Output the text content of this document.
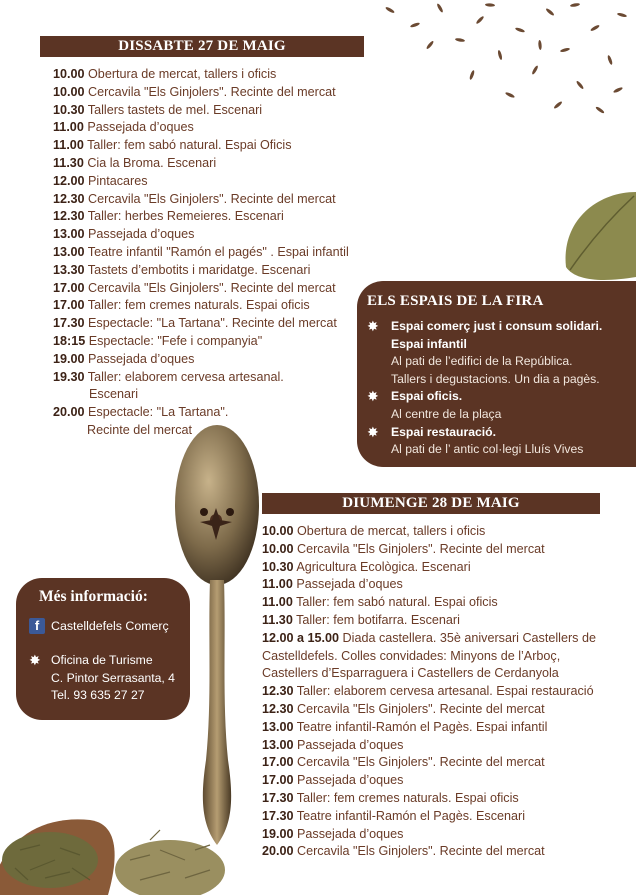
DISSABTE 27 DE MAIG
10.00 Obertura de mercat, tallers i oficis
10.00 Cercavila "Els Ginjolers". Recinte del mercat
10.30 Tallers tastets de mel. Escenari
11.00 Passejada d’oques
11.00 Taller: fem sabó natural. Espai Oficis
11.30 Cia la Broma. Escenari
12.00 Pintacares
12.30 Cercavila "Els Ginjolers". Recinte del mercat
12.30 Taller: herbes Remeieres. Escenari
13.00 Passejada d’oques
13.00 Teatre infantil "Ramón el pagés" . Espai infantil
13.30 Tastets d’embotits i maridatge. Escenari
17.00 Cercavila "Els Ginjolers". Recinte del mercat
17.00 Taller: fem cremes naturals. Espai oficis
17.30 Espectacle: "La Tartana". Recinte del mercat
18:15 Espectacle: "Fefe i companyia"
19.00 Passejada d’oques
19.30 Taller: elaborem cervesa artesanal.
Escenari
20.00 Espectacle: "La Tartana".
Recinte del mercat
ELS ESPAIS DE LA FIRA
✸ Espai comerç just i consum solidari.
Espai infantil
Al pati de l’edifici de la República.
Tallers i degustacions. Un dia a pagès.
✸ Espai oficis.
Al centre de la plaça
✸ Espai restauració.
Al pati de l’ antic col·legi Lluís Vives
DIUMENGE 28 DE MAIG
10.00 Obertura de mercat, tallers i oficis
10.00 Cercavila "Els Ginjolers". Recinte del mercat
10.30 Agricultura Ecològica. Escenari
11.00 Passejada d’oques
11.00 Taller: fem sabó natural. Espai oficis
11.30 Taller: fem botifarra. Escenari
12.00 a 15.00 Diada castellera. 35è aniversari Castellers de
Castelldefels. Colles convidades: Minyons de l’Arboç,
Castellers d’Esparraguera i Castellers de Cerdanyola
12.30 Taller: elaborem cervesa artesanal. Espai restauració
12.30 Cercavila "Els Ginjolers". Recinte del mercat
13.00 Teatre infantil-Ramón el Pagès. Espai infantil
13.00 Passejada d’oques
17.00 Cercavila "Els Ginjolers". Recinte del mercat
17.00 Passejada d’oques
17.30 Taller: fem cremes naturals. Espai oficis
17.30 Teatre infantil-Ramón el Pagès. Escenari
19.00 Passejada d’oques
20.00 Cercavila "Els Ginjolers". Recinte del mercat
Més informació:
f Castelldefels Comerç
✸ Oficina de Turisme
C. Pintor Serrasanta, 4
Tel. 93 635 27 27
